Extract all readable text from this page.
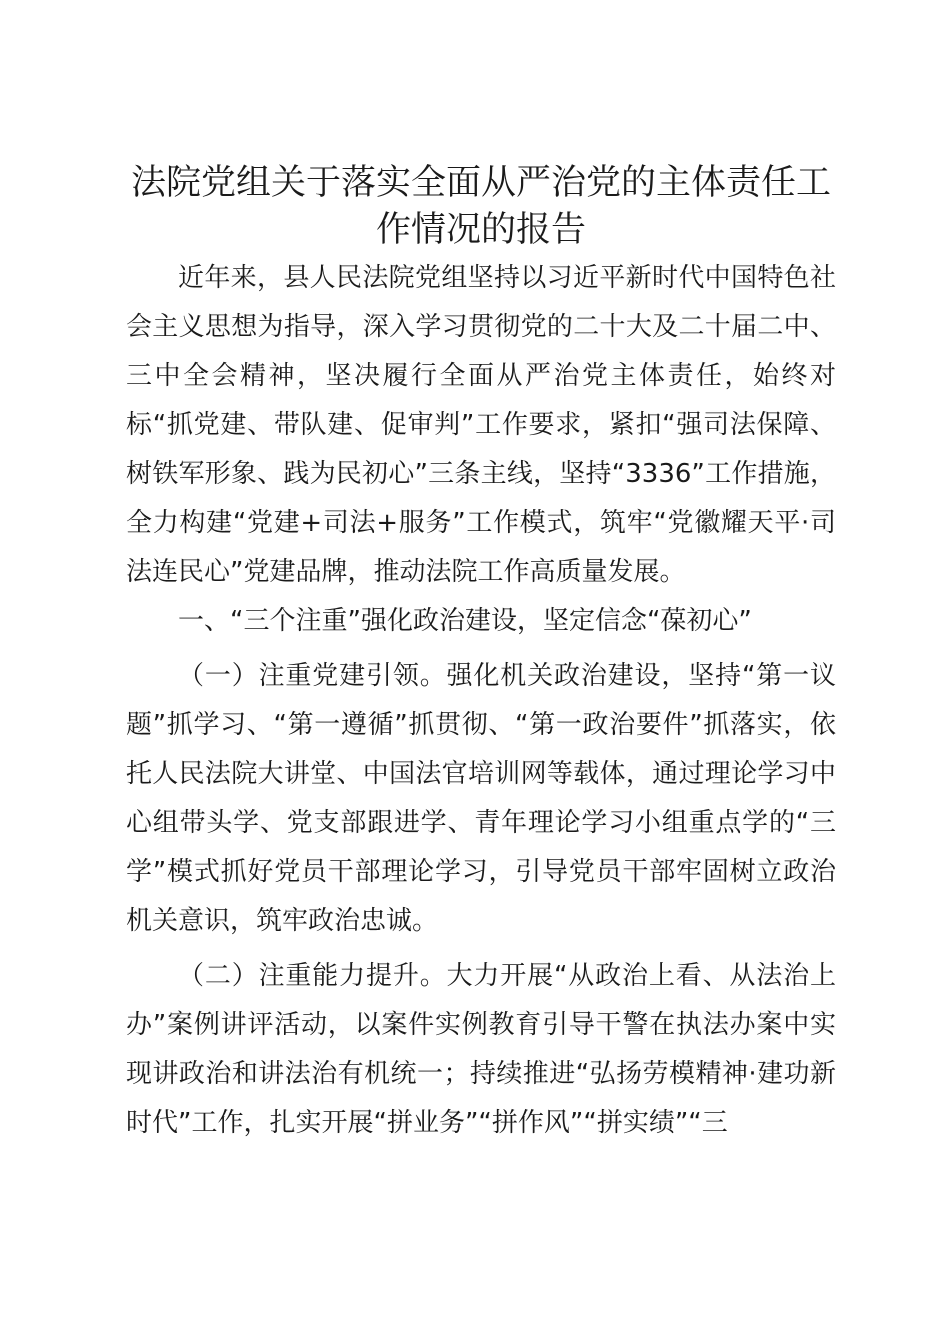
法院党组关于落实全面从严治党的主体责任工作情况的报告

近年来，县人民法院党组坚持以习近平新时代中国特色社会主义思想为指导，深入学习贯彻党的二十大及二十届二中、三中全会精神，坚决履行全面从严治党主体责任，始终对标“抓党建、带队建、促审判”工作要求，紧扣“强司法保障、树铁军形象、践为民初心”三条主线，坚持“3336”工作措施，全力构建“党建+司法+服务”工作模式，筑牢“党徽耀天平·司法连民心”党建品牌，推动法院工作高质量发展。

一、“三个注重”强化政治建设，坚定信念“葆初心”

（一）注重党建引领。强化机关政治建设，坚持“第一议题”抓学习、“第一遵循”抓贯彻、“第一政治要件”抓落实，依托人民法院大讲堂、中国法官培训网等载体，通过理论学习中心组带头学、党支部跟进学、青年理论学习小组重点学的“三学”模式抓好党员干部理论学习，引导党员干部牢固树立政治机关意识，筑牢政治忠诚。

（二）注重能力提升。大力开展“从政治上看、从法治上办”案例讲评活动，以案件实例教育引导干警在执法办案中实现讲政治和讲法治有机统一；持续推进“弘扬劳模精神·建功新时代”工作，扎实开展“拼业务”“拼作风”“拼实绩”“三
